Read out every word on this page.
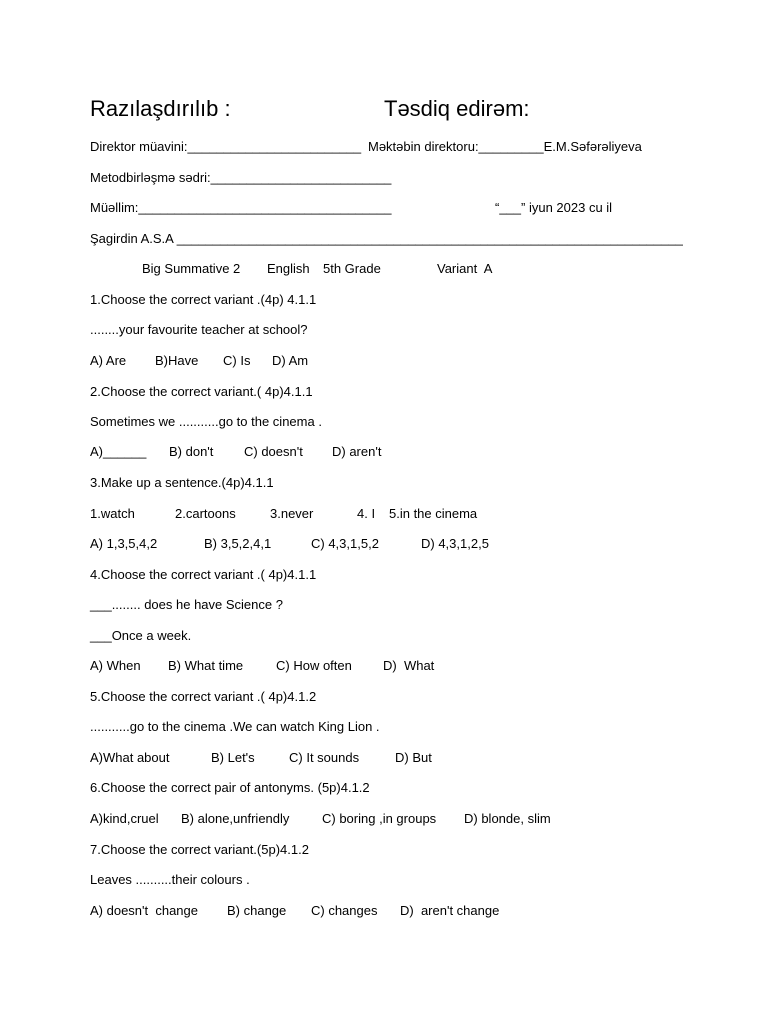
Razılaşdırılıb :	Təsdiq edirəm:
Direktor müavini:________________________ Məktəbin direktoru:_________E.M.Səfərəliyeva
Metodbirləşmə sədri:_________________________
Müəllim:___________________________________	“___” iyun 2023 cu il
Şagirdin A.S.A ______________________________________________________________________
Big Summative 2 English 5th Grade	Variant  A
1.Choose the correct variant .(4p) 4.1.1
........your favourite teacher at school?
A) Are B)Have C) Is D) Am
2.Choose the correct variant.( 4p)4.1.1
Sometimes we ...........go to the cinema .
A)______ B) don't C) doesn't D) aren't
3.Make up a sentence.(4p)4.1.1
1.watch	2.cartoons	3.never	4. I 5.in the cinema
A) 1,3,5,4,2	B) 3,5,2,4,1	C) 4,3,1,5,2	D) 4,3,1,2,5
4.Choose the correct variant .( 4p)4.1.1
___........ does he have Science ?
___Once a week.
A) When B) What time	C) How often D)  What
5.Choose the correct variant .( 4p)4.1.2
...........go to the cinema .We can watch King Lion .
A)What about	B) Let's	C) It sounds	D) But
6.Choose the correct pair of antonyms. (5p)4.1.2
A)kind,cruel B) alone,unfriendly	C) boring ,in groups D) blonde, slim
7.Choose the correct variant.(5p)4.1.2
Leaves ..........their colours .
A) doesn't  change B) change C) changes D)  aren't change
